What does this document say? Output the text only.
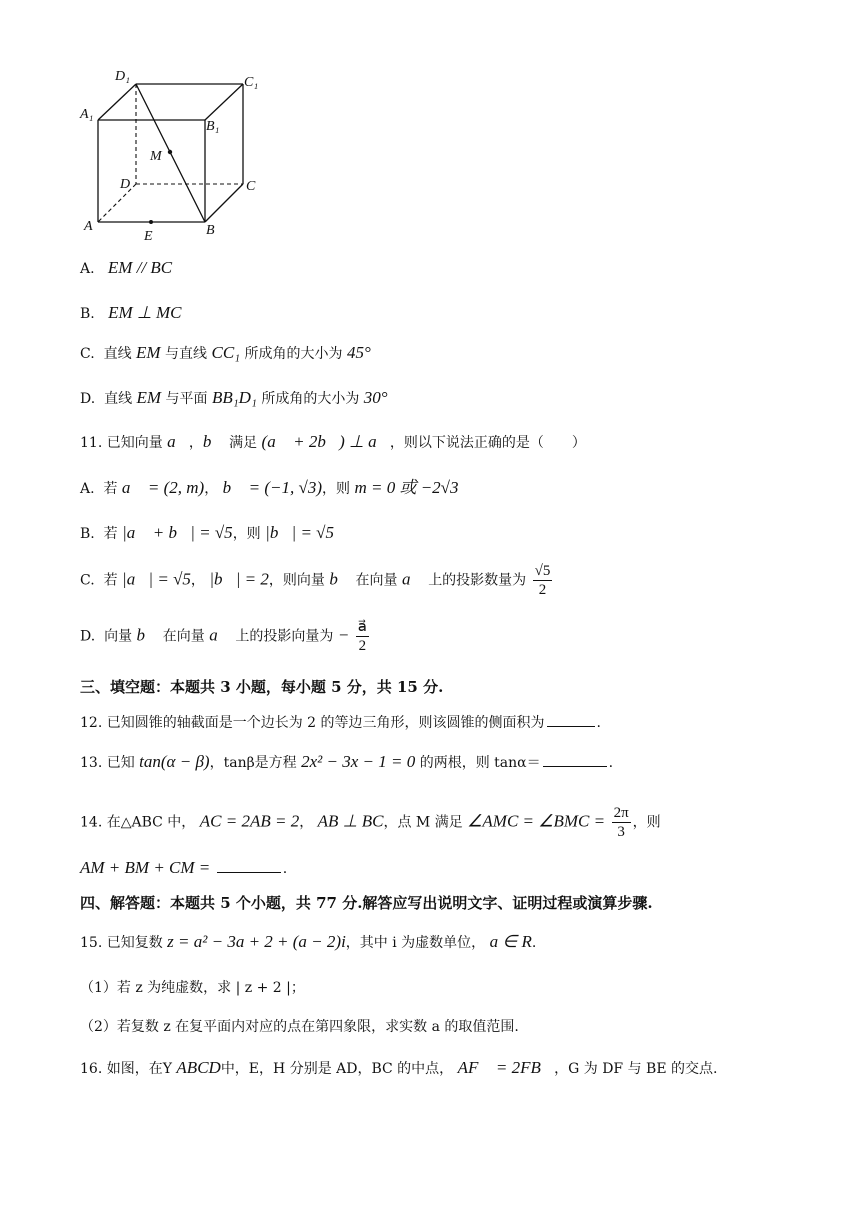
D₁	C₁
A₁
B₁
M
D	C
A
E	B
A. EM // BC
B. EM ⊥ MC
C. 直线 EM 与直线 CC₁ 所成角的大小为 45°
D. 直线 EM 与平面 BB₁D₁ 所成角的大小为 30°
11. 已知向量 a⃗，b⃗ 满足 (a⃗ + 2b⃗) ⊥ a⃗，则以下说法正确的是（　　）
A. 若 a⃗ = (2, m)， b⃗ = (−1, √3)，则 m = 0 或 −2√3
B. 若 |a⃗ + b⃗| = √5，则 |b⃗| = √5
C. 若 |a⃗| = √5， |b⃗| = 2，则向量 b⃗ 在向量 a⃗ 上的投影数量为 $\frac{√5}{2}$
D. 向量 b⃗ 在向量 a⃗ 上的投影向量为 − $\frac{a⃗}{2}$
三、填空题：本题共 3 小题，每小题 5 分，共 15 分.
12. 已知圆锥的轴截面是一个边长为 2 的等边三角形，则该圆锥的侧面积为	.
13. 已知 tan(α − β)，tanβ是方程 2x² − 3x − 1 = 0 的两根，则 tanα＝	.
14. 在△ABC 中， AC = 2AB = 2， AB ⊥ BC，点 M 满足 ∠AMC = ∠BMC = $\frac{2\pi}{3}$ ，则
AM + BM + CM =	.
四、解答题：本题共 5 个小题，共 77 分.解答应写出说明文字、证明过程或演算步骤.
15. 已知复数 z = a² − 3a + 2 + (a − 2)i，其中 i 为虚数单位， a ∈ R.
（1）若 z 为纯虚数，求 | z + 2 |；
（2）若复数 z 在复平面内对应的点在第四象限，求实数 a 的取值范围.
16. 如图，在Y ABCD中，E，H 分别是 AD，BC 的中点， AF⃗ = 2FB⃗，G 为 DF 与 BE 的交点.
